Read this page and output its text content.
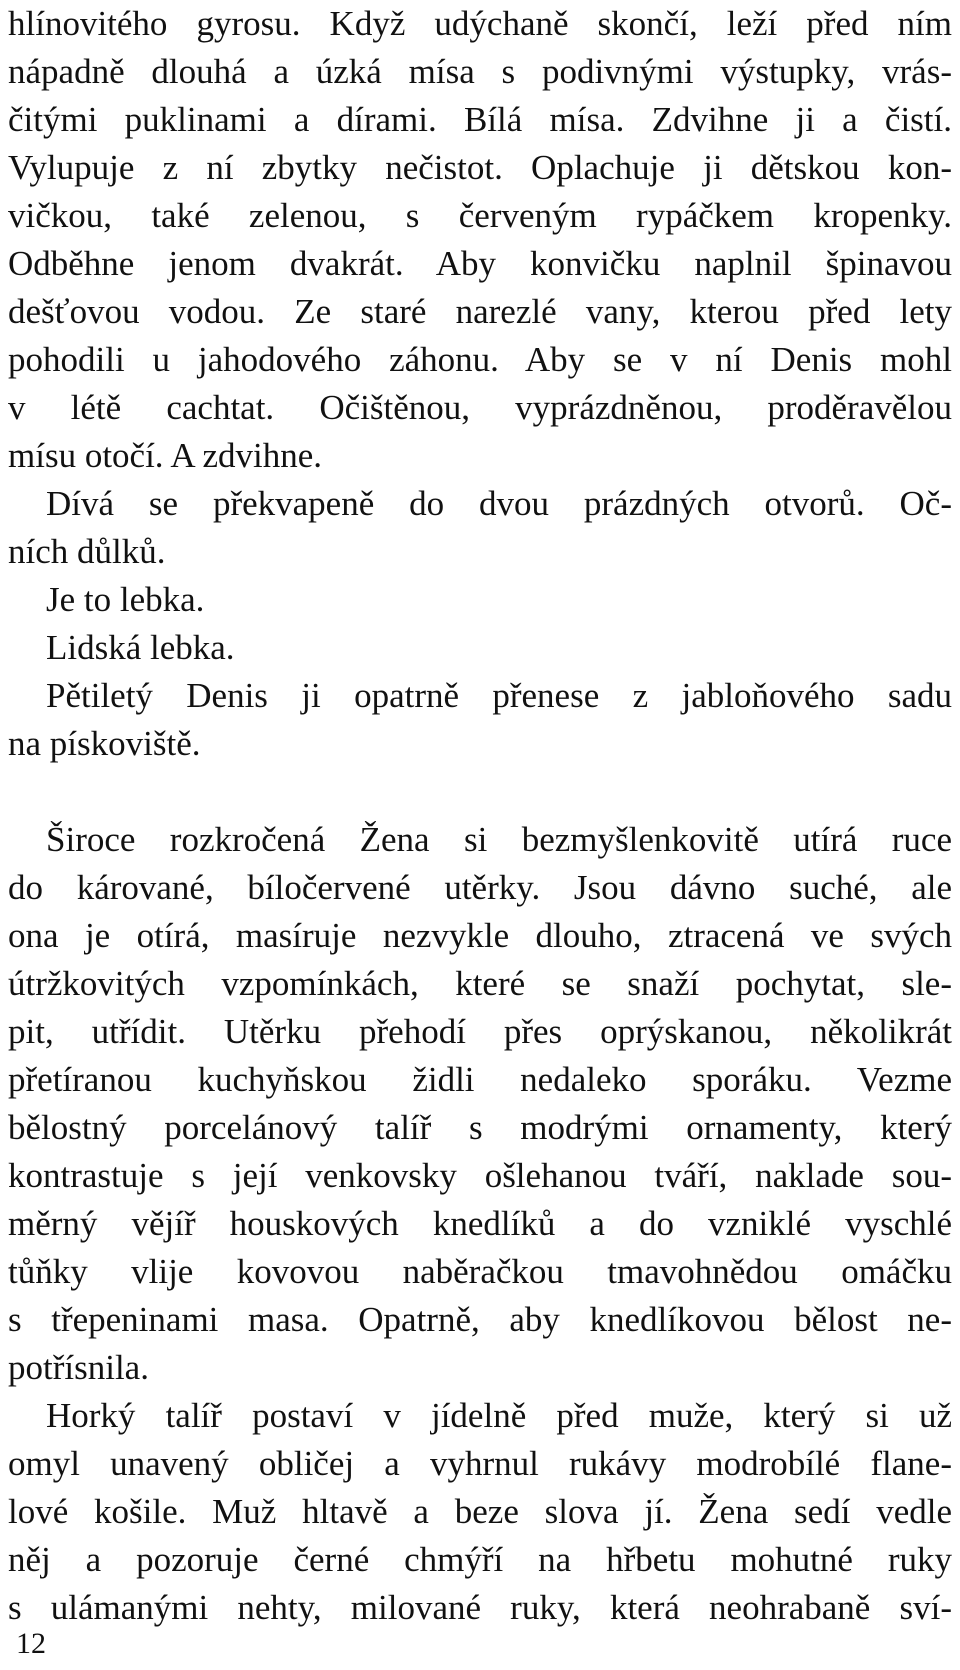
hlínovitého gyrosu. Když udýchaně skončí, leží před ním
nápadně dlouhá a úzká mísa s podivnými výstupky, vrás-
čitými puklinami a dírami. Bílá mísa. Zdvihne ji a čistí.
Vylupuje z ní zbytky nečistot. Oplachuje ji dětskou kon-
vičkou, také zelenou, s červeným rypáčkem kropenky.
Odběhne jenom dvakrát. Aby konvičku naplnil špinavou
dešťovou vodou. Ze staré narezlé vany, kterou před lety
pohodili u jahodového záhonu. Aby se v ní Denis mohl
v létě cachtat. Očištěnou, vyprázdněnou, proděravělou
mísu otočí. A zdvihne.
Dívá se překvapeně do dvou prázdných otvorů. Oč-
ních důlků.
Je to lebka.
Lidská lebka.
Pětiletý Denis ji opatrně přenese z jabloňového sadu
na pískoviště.
Široce rozkročená Žena si bezmyšlenkovitě utírá ruce
do kárované, bíločervené utěrky. Jsou dávno suché, ale
ona je otírá, masíruje nezvykle dlouho, ztracená ve svých
útržkovitých vzpomínkách, které se snaží pochytat, sle-
pit, utřídit. Utěrku přehodí přes oprýskanou, několikrát
přetíranou kuchyňskou židli nedaleko sporáku. Vezme
bělostný porcelánový talíř s modrými ornamenty, který
kontrastuje s její venkovsky ošlehanou tváří, naklade sou-
měrný vějíř houskových knedlíků a do vzniklé vyschlé
tůňky vlije kovovou naběračkou tmavohnědou omáčku
s třepeninami masa. Opatrně, aby knedlíkovou bělost ne-
potřísnila.
Horký talíř postaví v jídelně před muže, který si už
omyl unavený obličej a vyhrnul rukávy modrobílé flane-
lové košile. Muž hltavě a beze slova jí. Žena sedí vedle
něj a pozoruje černé chmýří na hřbetu mohutné ruky
s ulámanými nehty, milované ruky, která neohrabaně sví-
12
